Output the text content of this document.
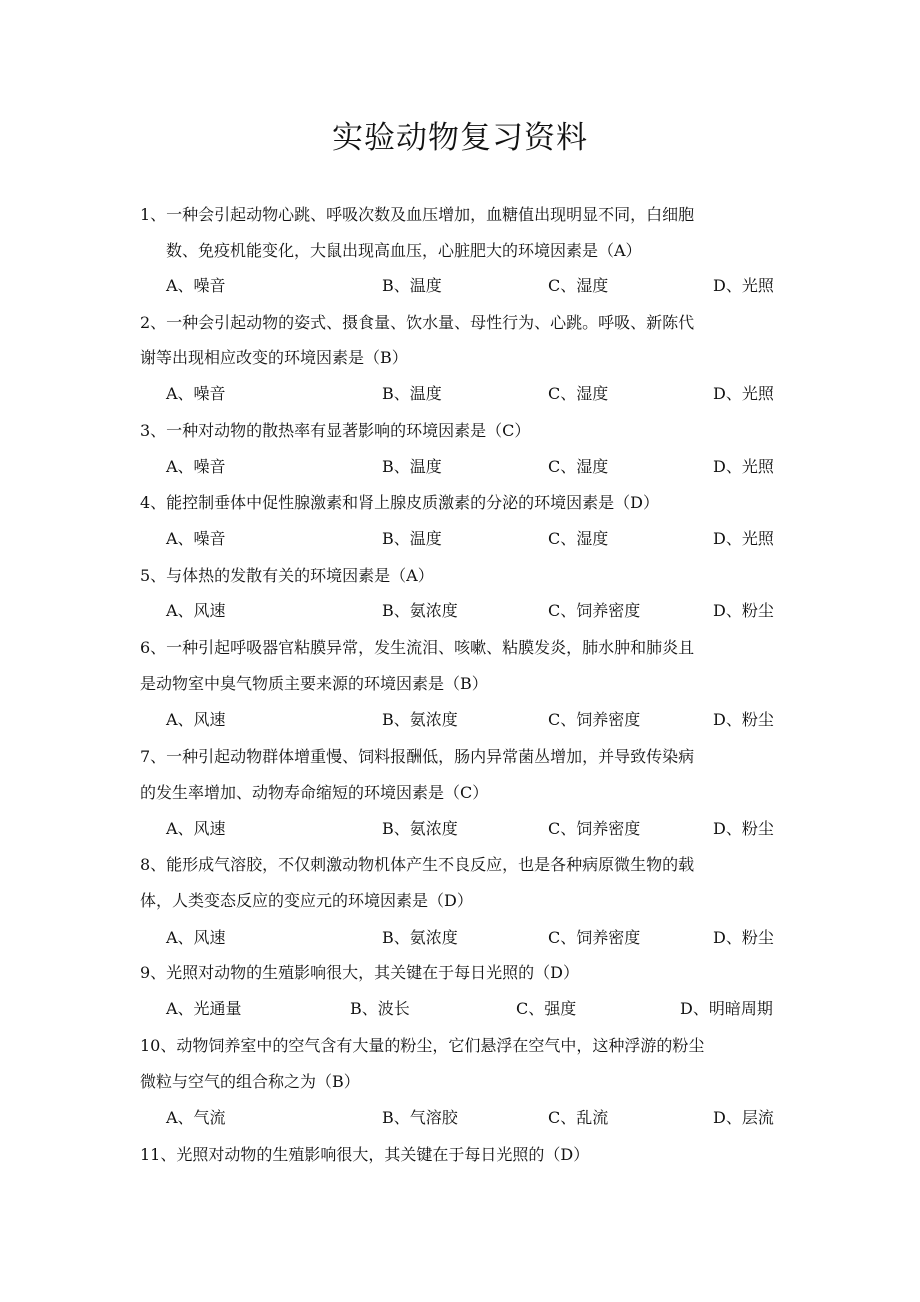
实验动物复习资料
1、一种会引起动物心跳、呼吸次数及血压增加，血糖值出现明显不同，白细胞
数、免疫机能变化，大鼠出现高血压，心脏肥大的环境因素是（A）
A、噪音	B、温度	C、湿度	D、光照
2、一种会引起动物的姿式、摄食量、饮水量、母性行为、心跳。呼吸、新陈代
谢等出现相应改变的环境因素是（B）
A、噪音	B、温度	C、湿度	D、光照
3、一种对动物的散热率有显著影响的环境因素是（C）
A、噪音	B、温度	C、湿度	D、光照
4、能控制垂体中促性腺激素和肾上腺皮质激素的分泌的环境因素是（D）
A、噪音	B、温度	C、湿度	D、光照
5、与体热的发散有关的环境因素是（A）
A、风速	B、氨浓度	C、饲养密度	D、粉尘
6、一种引起呼吸器官粘膜异常，发生流泪、咳嗽、粘膜发炎，肺水肿和肺炎且
是动物室中臭气物质主要来源的环境因素是（B）
A、风速	B、氨浓度	C、饲养密度	D、粉尘
7、一种引起动物群体增重慢、饲料报酬低，肠内异常菌丛增加，并导致传染病
的发生率增加、动物寿命缩短的环境因素是（C）
A、风速	B、氨浓度	C、饲养密度	D、粉尘
8、能形成气溶胶，不仅刺激动物机体产生不良反应，也是各种病原微生物的载
体，人类变态反应的变应元的环境因素是（D）
A、风速	B、氨浓度	C、饲养密度	D、粉尘
9、光照对动物的生殖影响很大，其关键在于每日光照的（D）
A、光通量	B、波长	C、强度	D、明暗周期
10、动物饲养室中的空气含有大量的粉尘，它们悬浮在空气中，这种浮游的粉尘
微粒与空气的组合称之为（B）
A、气流	B、气溶胶	C、乱流	D、层流
11、光照对动物的生殖影响很大，其关键在于每日光照的（D）
